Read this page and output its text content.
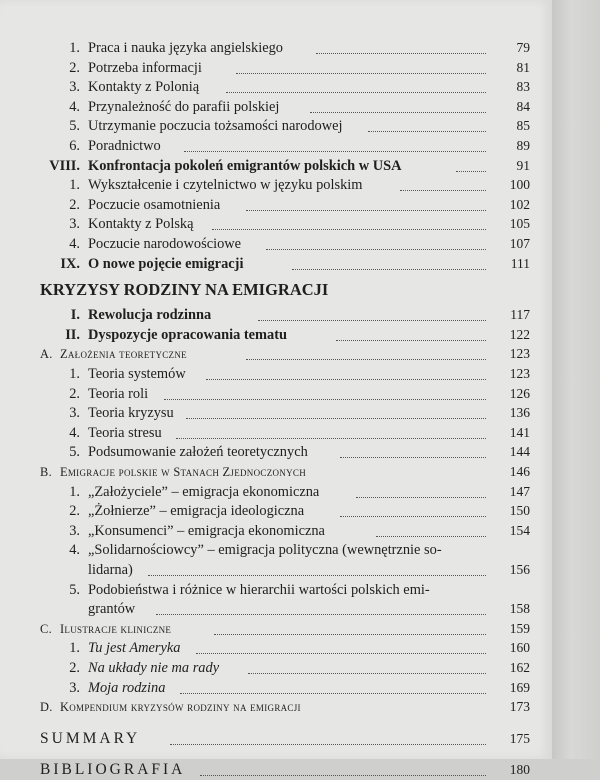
1. Praca i nauka języka angielskiego	79
2. Potrzeba informacji	81
3. Kontakty z Polonią	83
4. Przynależność do parafii polskiej	84
5. Utrzymanie poczucia tożsamości narodowej	85
6. Poradnictwo	89
VIII. Konfrontacja pokoleń emigrantów polskich w USA	91
1. Wykształcenie i czytelnictwo w języku polskim	100
2. Poczucie osamotnienia	102
3. Kontakty z Polską	105
4. Poczucie narodowościowe	107
IX. O nowe pojęcie emigracji	111
KRYZYSY RODZINY NA EMIGRACJI
I. Rewolucja rodzinna	117
II. Dyspozycje opracowania tematu	122
A. Założenia teoretyczne	123
1. Teoria systemów	123
2. Teoria roli	126
3. Teoria kryzysu	136
4. Teoria stresu	141
5. Podsumowanie założeń teoretycznych	144
B. Emigracje polskie w Stanach Zjednoczonych	146
1. „Założyciele” – emigracja ekonomiczna	147
2. „Żołnierze” – emigracja ideologiczna	150
3. „Konsumenci” – emigracja ekonomiczna	154
4. „Solidarnościowcy” – emigracja polityczna (wewnętrznie so-
lidarna)	156
5. Podobieństwa i różnice w hierarchii wartości polskich emi-
grantów	158
C. Ilustracje kliniczne	159
1. Tu jest Ameryka	160
2. Na układy nie ma rady	162
3. Moja rodzina	169
D. Kompendium kryzysów rodziny na emigracji	173
SUMMARY	175
BIBLIOGRAFIA	180
